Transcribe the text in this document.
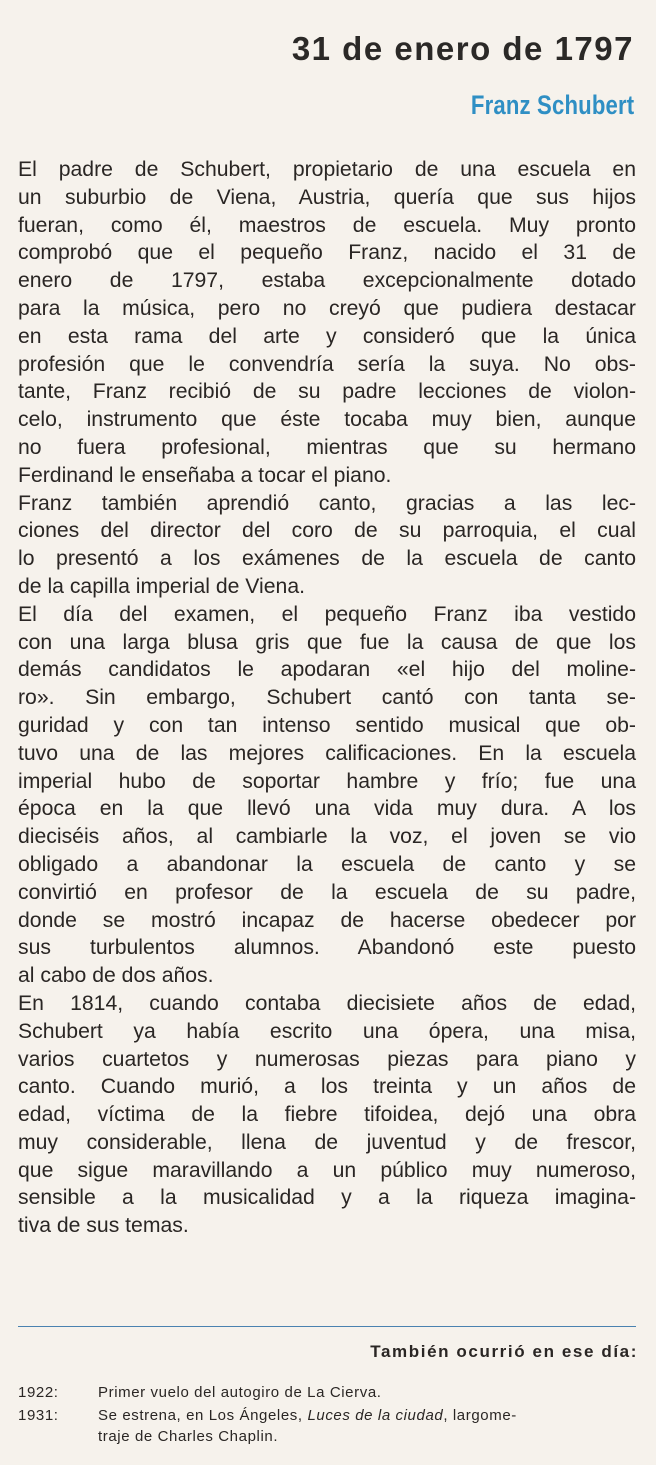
31 de enero de 1797
Franz Schubert
El padre de Schubert, propietario de una escuela en
un suburbio de Viena, Austria, quería que sus hijos
fueran, como él, maestros de escuela. Muy pronto
comprobó que el pequeño Franz, nacido el 31 de
enero de 1797, estaba excepcionalmente dotado
para la música, pero no creyó que pudiera destacar
en esta rama del arte y consideró que la única
profesión que le convendría sería la suya. No obs-
tante, Franz recibió de su padre lecciones de violon-
celo, instrumento que éste tocaba muy bien, aunque
no fuera profesional, mientras que su hermano
Ferdinand le enseñaba a tocar el piano.
Franz también aprendió canto, gracias a las lec-
ciones del director del coro de su parroquia, el cual
lo presentó a los exámenes de la escuela de canto
de la capilla imperial de Viena.
El día del examen, el pequeño Franz iba vestido
con una larga blusa gris que fue la causa de que los
demás candidatos le apodaran «el hijo del moline-
ro». Sin embargo, Schubert cantó con tanta se-
guridad y con tan intenso sentido musical que ob-
tuvo una de las mejores calificaciones. En la escuela
imperial hubo de soportar hambre y frío; fue una
época en la que llevó una vida muy dura. A los
dieciséis años, al cambiarle la voz, el joven se vio
obligado a abandonar la escuela de canto y se
convirtió en profesor de la escuela de su padre,
donde se mostró incapaz de hacerse obedecer por
sus turbulentos alumnos. Abandonó este puesto
al cabo de dos años.
En 1814, cuando contaba diecisiete años de edad,
Schubert ya había escrito una ópera, una misa,
varios cuartetos y numerosas piezas para piano y
canto. Cuando murió, a los treinta y un años de
edad, víctima de la fiebre tifoidea, dejó una obra
muy considerable, llena de juventud y de frescor,
que sigue maravillando a un público muy numeroso,
sensible a la musicalidad y a la riqueza imagina-
tiva de sus temas.
También ocurrió en ese día:
1922:	Primer vuelo del autogiro de La Cierva.
1931:	Se estrena, en Los Ángeles, Luces de la ciudad, largome-
traje de Charles Chaplin.
